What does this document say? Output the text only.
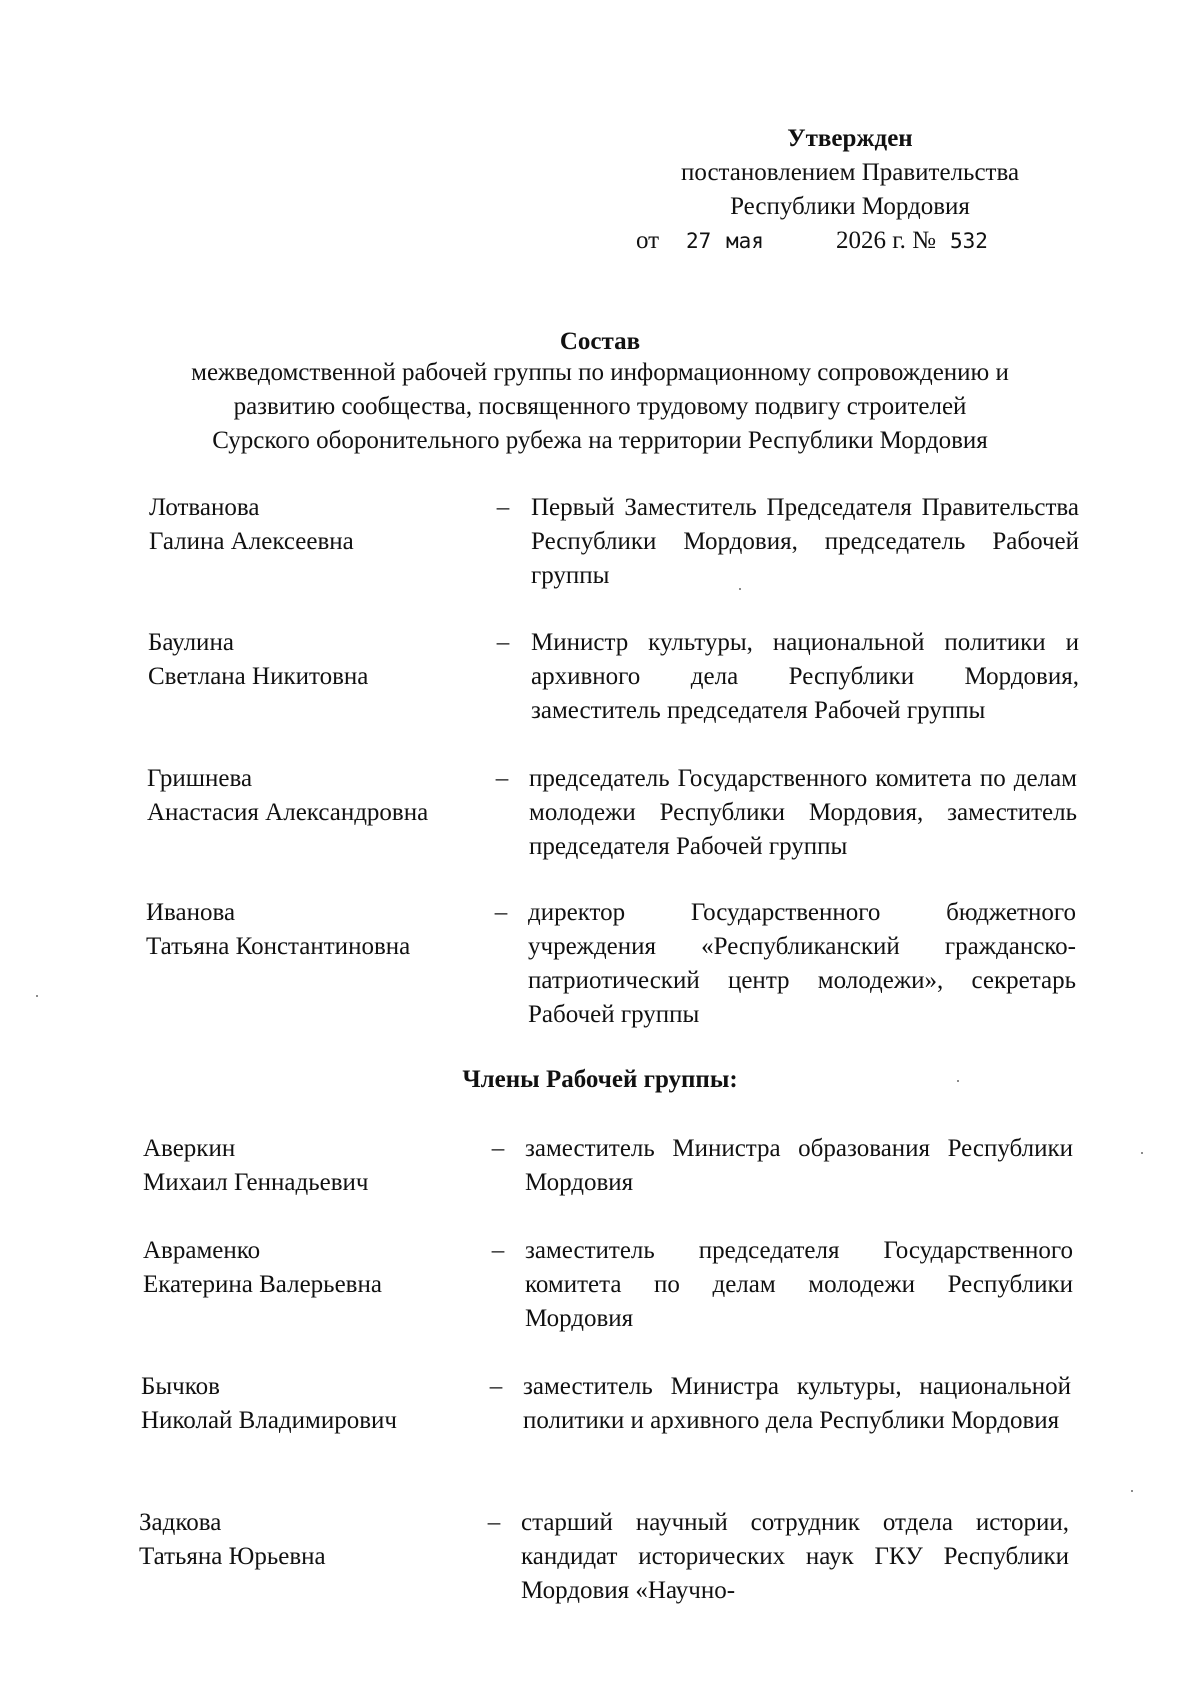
Утвержден
постановлением Правительства
Республики Мордовия
от 27 мая	2026 г. № 532
Состав
межведомственной рабочей группы по информационному сопровождению и
развитию сообщества, посвященного трудовому подвигу строителей
Сурского оборонительного рубежа на территории Республики Мордовия
Лотванова
Галина Алексеевна
– Первый Заместитель Председателя Правительства Республики Мордовия, председатель Рабочей группы
Баулина
Светлана Никитовна
– Министр культуры, национальной политики и архивного дела Республики Мордовия, заместитель председателя Рабочей группы
Гришнева
Анастасия Александровна
– председатель Государственного комитета по делам молодежи Республики Мордовия, заместитель председателя Рабочей группы
Иванова
Татьяна Константиновна
– директор Государственного бюджетного учреждения «Республиканский гражданско-патриотический центр молодежи», секретарь Рабочей группы
Члены Рабочей группы:
Аверкин
Михаил Геннадьевич
– заместитель Министра образования Республики Мордовия
Авраменко
Екатерина Валерьевна
– заместитель председателя Государственного комитета по делам молодежи Республики Мордовия
Бычков
Николай Владимирович
– заместитель Министра культуры, национальной политики и архивного дела Республики Мордовия
Задкова
Татьяна Юрьевна
– старший научный сотрудник отдела истории, кандидат исторических наук ГКУ Республики Мордовия «Научно-
